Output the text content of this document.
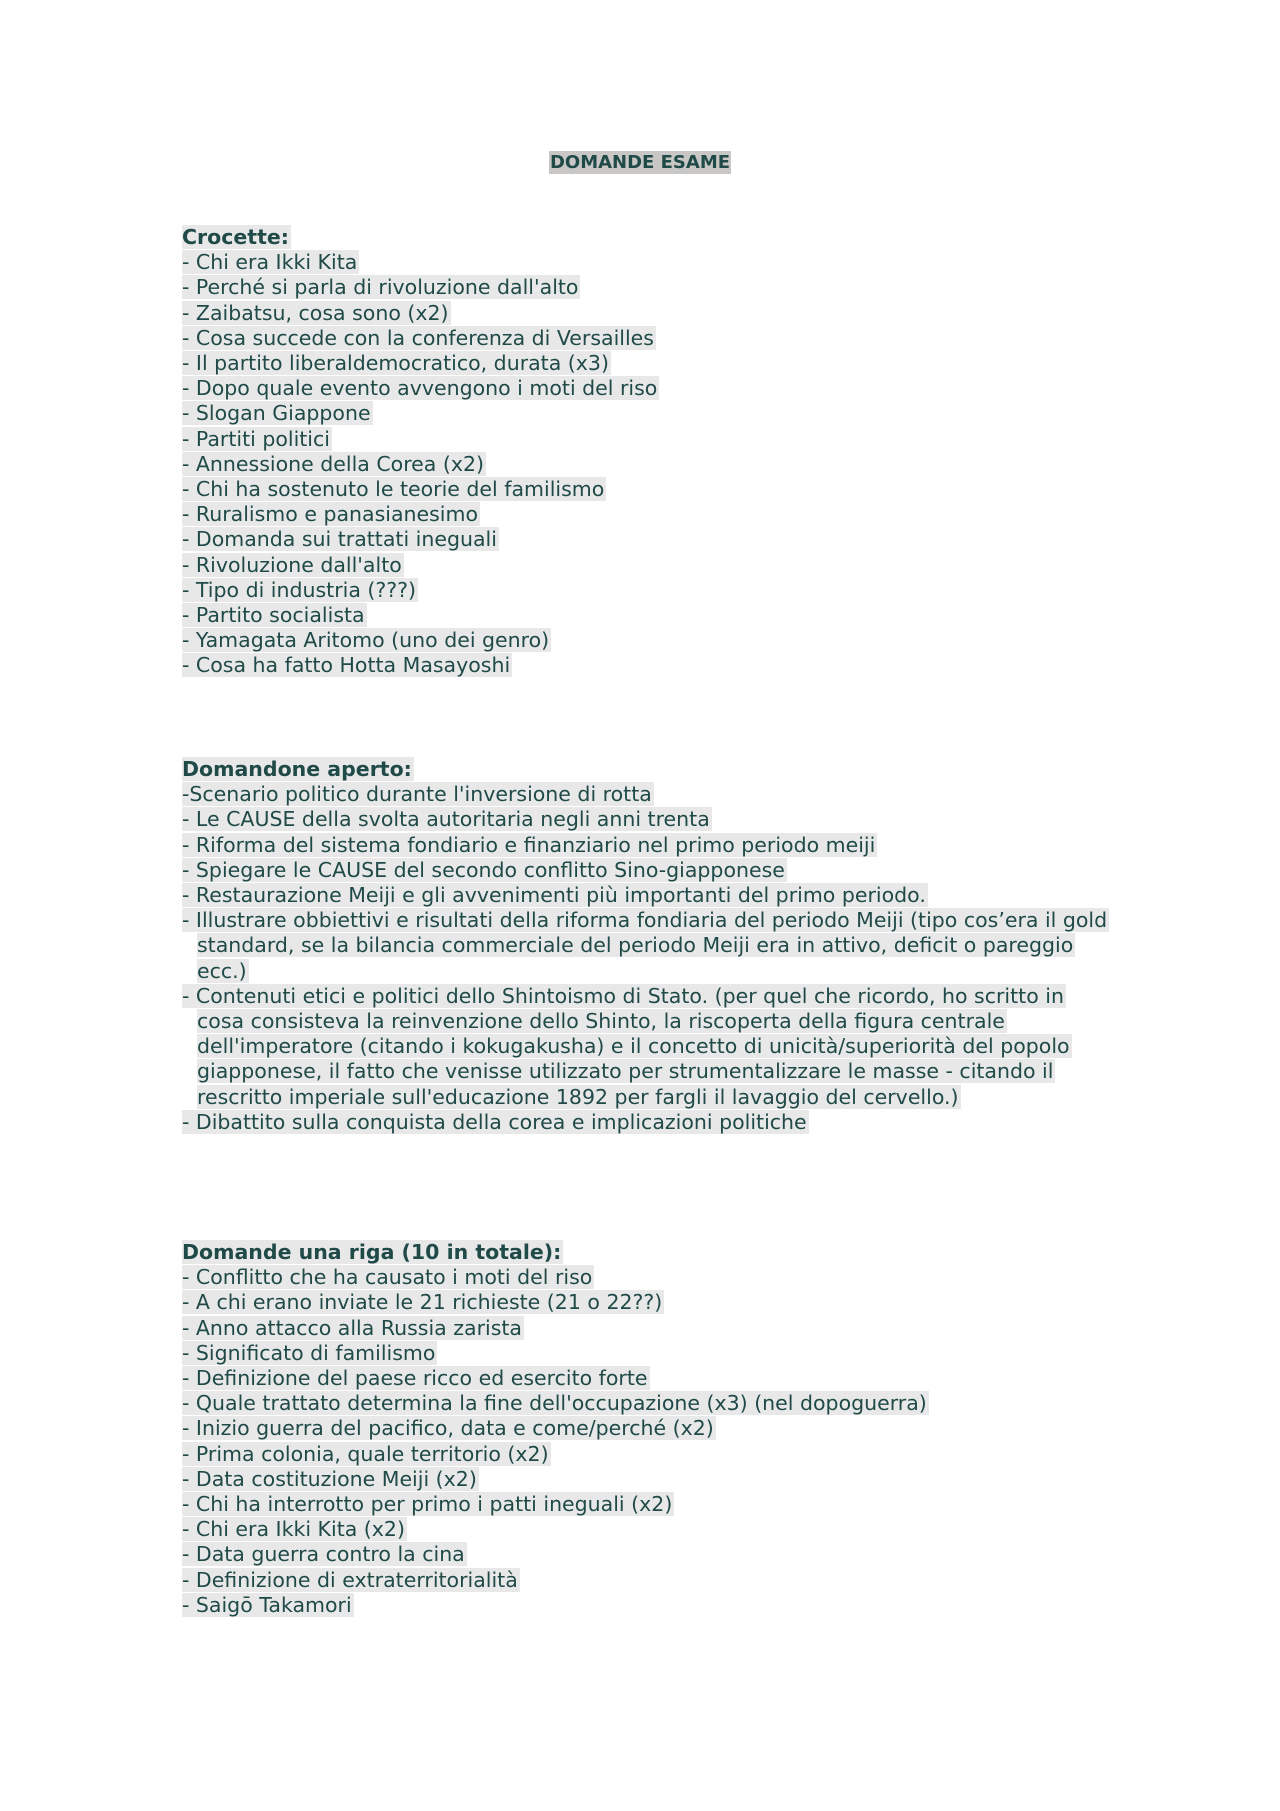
DOMANDE ESAME
Crocette:
- Chi era Ikki Kita
- Perché si parla di rivoluzione dall'alto
- Zaibatsu, cosa sono (x2)
- Cosa succede con la conferenza di Versailles
- Il partito liberaldemocratico, durata (x3)
- Dopo quale evento avvengono i moti del riso
- Slogan Giappone
- Partiti politici
- Annessione della Corea (x2)
- Chi ha sostenuto le teorie del familismo
- Ruralismo e panasianesimo
- Domanda sui trattati ineguali
- Rivoluzione dall'alto
- Tipo di industria (???)
- Partito socialista
- Yamagata Aritomo (uno dei genro)
- Cosa ha fatto Hotta Masayoshi
Domandone aperto:
-Scenario politico durante l'inversione di rotta
- Le CAUSE della svolta autoritaria negli anni trenta
- Riforma del sistema fondiario e finanziario nel primo periodo meiji
- Spiegare le CAUSE del secondo conflitto Sino-giapponese
- Restaurazione Meiji e gli avvenimenti più importanti del primo periodo.
- Illustrare obbiettivi e risultati della riforma fondiaria del periodo Meiji (tipo cos’era il gold standard, se la bilancia commerciale del periodo Meiji era in attivo, deficit o pareggio ecc.)
- Contenuti etici e politici dello Shintoismo di Stato. (per quel che ricordo, ho scritto in cosa consisteva la reinvenzione dello Shinto, la riscoperta della figura centrale dell'imperatore (citando i kokugakusha) e il concetto di unicità/superiorità del popolo giapponese, il fatto che venisse utilizzato per strumentalizzare le masse - citando il rescritto imperiale sull'educazione 1892 per fargli il lavaggio del cervello.)
- Dibattito sulla conquista della corea e implicazioni politiche
Domande una riga (10 in totale):
- Conflitto che ha causato i moti del riso
- A chi erano inviate le 21 richieste (21 o 22??)
- Anno attacco alla Russia zarista
- Significato di familismo
- Definizione del paese ricco ed esercito forte
- Quale trattato determina la fine dell'occupazione (x3) (nel dopoguerra)
- Inizio guerra del pacifico, data e come/perché (x2)
- Prima colonia, quale territorio (x2)
- Data costituzione Meiji (x2)
- Chi ha interrotto per primo i patti ineguali (x2)
- Chi era Ikki Kita (x2)
- Data guerra contro la cina
- Definizione di extraterritorialità
- Saigō Takamori
